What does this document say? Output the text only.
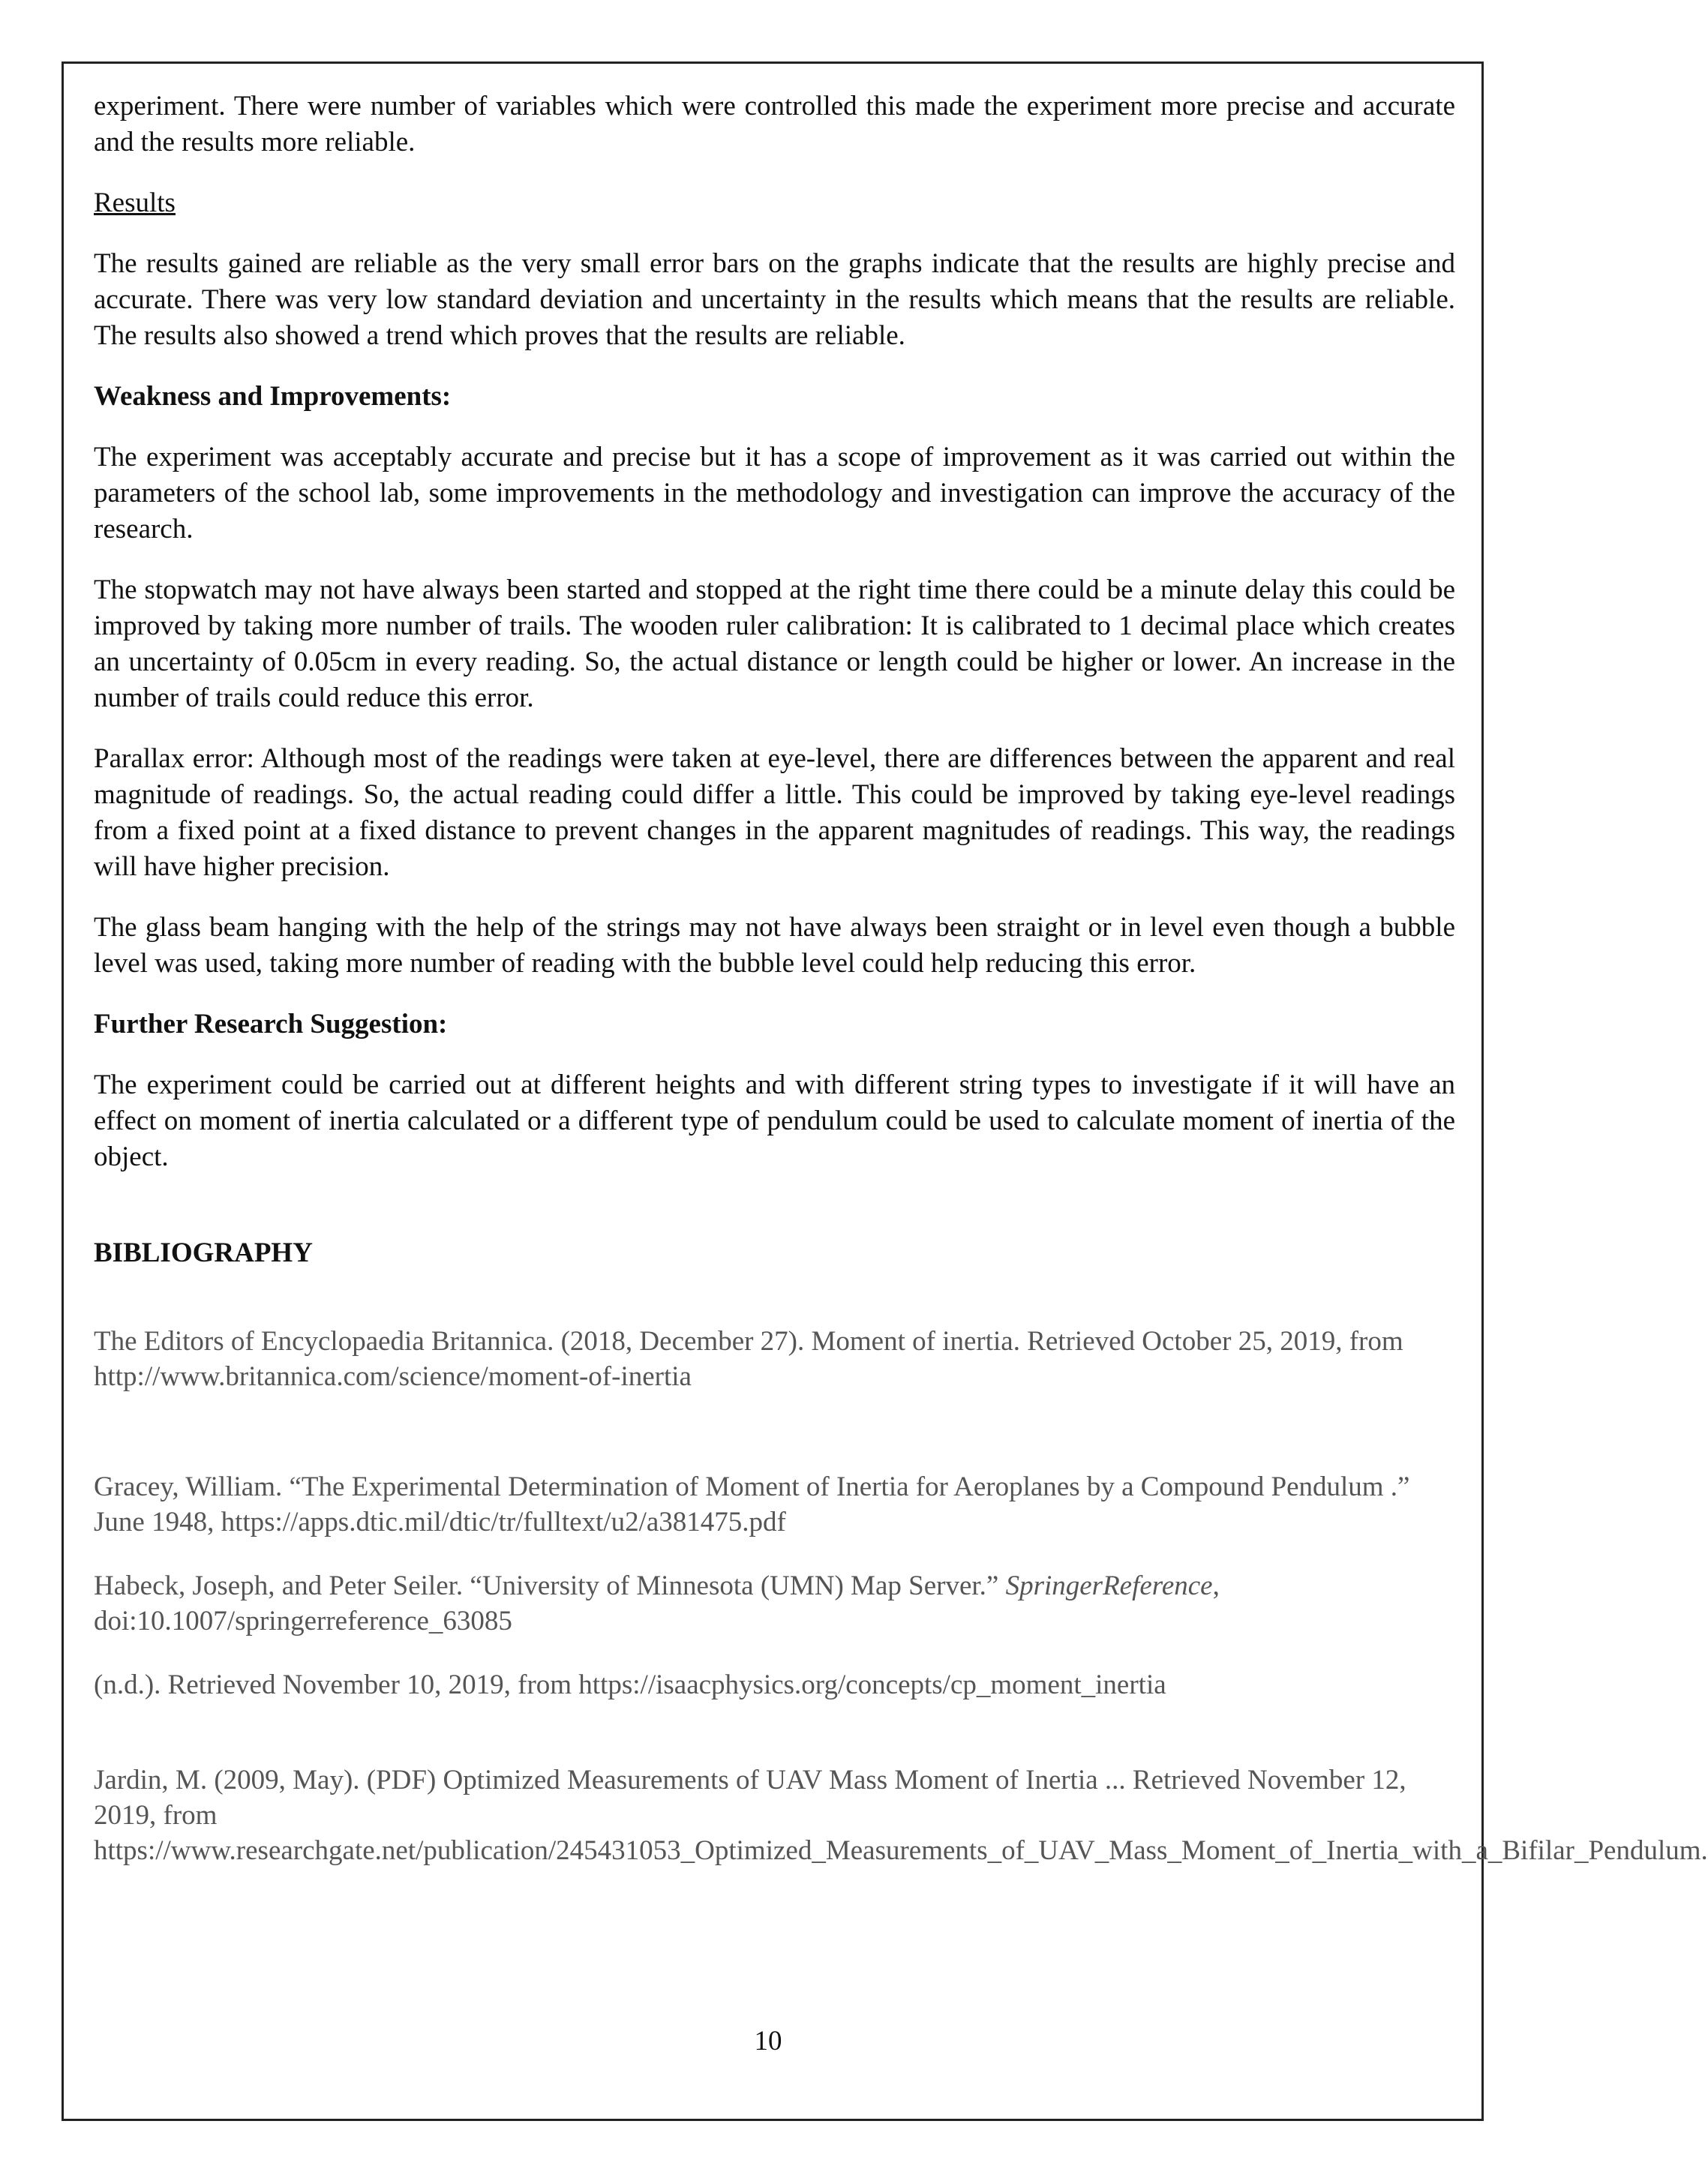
experiment. There were number of variables which were controlled this made the experiment more precise and accurate and the results more reliable.

Results

The results gained are reliable as the very small error bars on the graphs indicate that the results are highly precise and accurate. There was very low standard deviation and uncertainty in the results which means that the results are reliable. The results also showed a trend which proves that the results are reliable.

Weakness and Improvements:

The experiment was acceptably accurate and precise but it has a scope of improvement as it was carried out within the parameters of the school lab, some improvements in the methodology and investigation can improve the accuracy of the research.

The stopwatch may not have always been started and stopped at the right time there could be a minute delay this could be improved by taking more number of trails. The wooden ruler calibration: It is calibrated to 1 decimal place which creates an uncertainty of 0.05cm in every reading. So, the actual distance or length could be higher or lower. An increase in the number of trails could reduce this error.

Parallax error: Although most of the readings were taken at eye-level, there are differences between the apparent and real magnitude of readings. So, the actual reading could differ a little. This could be improved by taking eye-level readings from a fixed point at a fixed distance to prevent changes in the apparent magnitudes of readings. This way, the readings will have higher precision.

The glass beam hanging with the help of the strings may not have always been straight or in level even though a bubble level was used, taking more number of reading with the bubble level could help reducing this error.

Further Research Suggestion:

The experiment could be carried out at different heights and with different string types to investigate if it will have an effect on moment of inertia calculated or a different type of pendulum could be used to calculate moment of inertia of the object.

BIBLIOGRAPHY

The Editors of Encyclopaedia Britannica. (2018, December 27). Moment of inertia. Retrieved October 25, 2019, from http://www.britannica.com/science/moment-of-inertia

Gracey, William. “The Experimental Determination of Moment of Inertia for Aeroplanes by a Compound Pendulum .” June 1948, https://apps.dtic.mil/dtic/tr/fulltext/u2/a381475.pdf

Habeck, Joseph, and Peter Seiler. “University of Minnesota (UMN) Map Server.” SpringerReference, doi:10.1007/springerreference_63085

(n.d.). Retrieved November 10, 2019, from https://isaacphysics.org/concepts/cp_moment_inertia

Jardin, M. (2009, May). (PDF) Optimized Measurements of UAV Mass Moment of Inertia ... Retrieved November 12, 2019, from https://www.researchgate.net/publication/245431053_Optimized_Measurements_of_UAV_Mass_Moment_of_Inertia_with_a_Bifilar_Pendulum.

10
